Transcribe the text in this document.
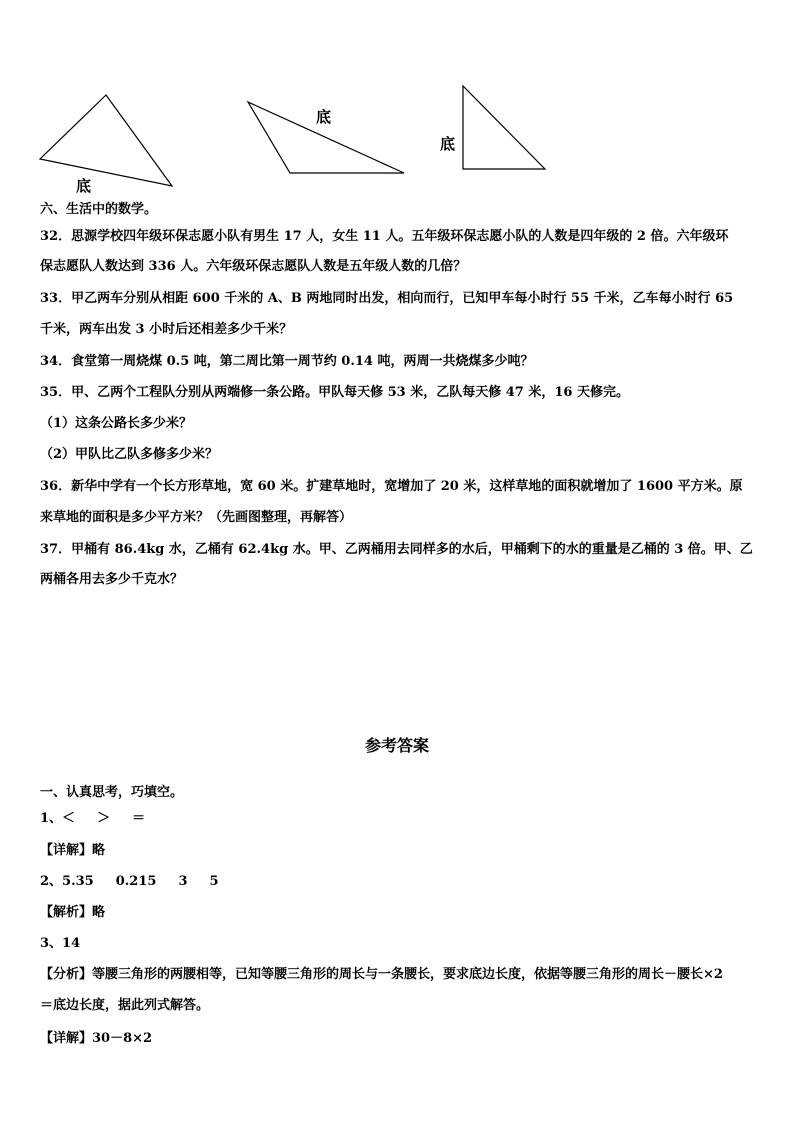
底
底
底
六、生活中的数学。
32．思源学校四年级环保志愿小队有男生 17 人，女生 11 人。五年级环保志愿小队的人数是四年级的 2 倍。六年级环
保志愿队人数达到 336 人。六年级环保志愿队人数是五年级人数的几倍？
33．甲乙两车分别从相距 600 千米的 A、B 两地同时出发，相向而行，已知甲车每小时行 55 千米，乙车每小时行 65
千米，两车出发 3 小时后还相差多少千米？
34．食堂第一周烧煤 0.5 吨，第二周比第一周节约 0.14 吨，两周一共烧煤多少吨？
35．甲、乙两个工程队分别从两端修一条公路。甲队每天修 53 米，乙队每天修 47 米，16 天修完。
（1）这条公路长多少米？
（2）甲队比乙队多修多少米？
36．新华中学有一个长方形草地，宽 60 米。扩建草地时，宽增加了 20 米，这样草地的面积就增加了 1600 平方米。原
来草地的面积是多少平方米？（先画图整理，再解答）
37．甲桶有 86.4kg 水，乙桶有 62.4kg 水。甲、乙两桶用去同样多的水后，甲桶剩下的水的重量是乙桶的 3 倍。甲、乙
两桶各用去多少千克水？
参考答案
一、认真思考，巧填空。
1、＜ ＞ ＝
【详解】略
2、5.35 0.215 3 5
【解析】略
3、14
【分析】等腰三角形的两腰相等，已知等腰三角形的周长与一条腰长，要求底边长度，依据等腰三角形的周长－腰长×2
＝底边长度，据此列式解答。
【详解】30－8×2
